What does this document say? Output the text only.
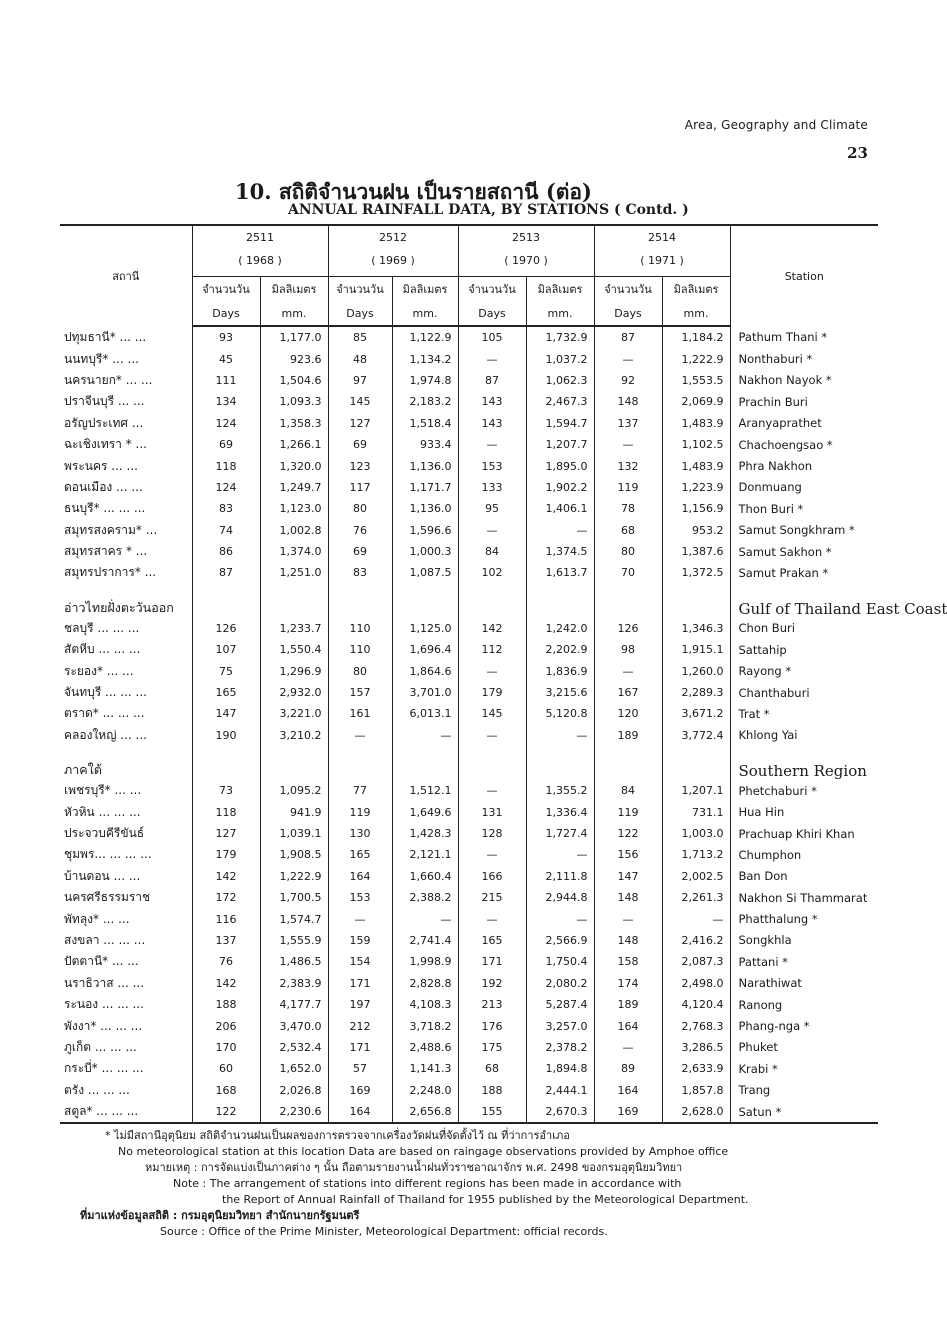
Area, Geography and Climate
23
10. สถิติจำนวนฝน เป็นรายสถานี (ต่อ)
ANNUAL RAINFALL DATA, BY STATIONS ( Contd. )
สถานี	2511		2512		2513		2514		Station
	( 1968 )		( 1969 )		( 1970 )		( 1971 )		
	จำนวนวัน	มิลลิเมตร	จำนวนวัน	มิลลิเมตร	จำนวนวัน	มิลลิเมตร	จำนวนวัน	มิลลิเมตร	
	Days	mm.	Days	mm.	Days	mm.	Days	mm.	
ปทุมธานี* ... ...	93	1,177.0	85	1,122.9	105	1,732.9	87	1,184.2	Pathum Thani *
นนทบุรี* ... ...	45	923.6	48	1,134.2	—	1,037.2	—	1,222.9	Nonthaburi *
นครนายก* ... ...	111	1,504.6	97	1,974.8	87	1,062.3	92	1,553.5	Nakhon Nayok *
ปราจีนบุรี ... ...	134	1,093.3	145	2,183.2	143	2,467.3	148	2,069.9	Prachin Buri
อรัญประเทศ ...	124	1,358.3	127	1,518.4	143	1,594.7	137	1,483.9	Aranyaprathet
ฉะเชิงเทรา * ...	69	1,266.1	69	933.4	—	1,207.7	—	1,102.5	Chachoengsao *
พระนคร ... ...	118	1,320.0	123	1,136.0	153	1,895.0	132	1,483.9	Phra Nakhon
ดอนเมือง ... ...	124	1,249.7	117	1,171.7	133	1,902.2	119	1,223.9	Donmuang
ธนบุรี* ... ... ...	83	1,123.0	80	1,136.0	95	1,406.1	78	1,156.9	Thon Buri *
สมุทรสงคราม* ...	74	1,002.8	76	1,596.6	—	—	68	953.2	Samut Songkhram *
สมุทรสาคร * ...	86	1,374.0	69	1,000.3	84	1,374.5	80	1,387.6	Samut Sakhon *
สมุทรปราการ* ...	87	1,251.0	83	1,087.5	102	1,613.7	70	1,372.5	Samut Prakan *
อ่าวไทยฝั่งตะวันออก									Gulf of Thailand East Coast
ชลบุรี ... ... ...	126	1,233.7	110	1,125.0	142	1,242.0	126	1,346.3	Chon Buri
สัตหีบ ... ... ...	107	1,550.4	110	1,696.4	112	2,202.9	98	1,915.1	Sattahip
ระยอง* ... ...	75	1,296.9	80	1,864.6	—	1,836.9	—	1,260.0	Rayong *
จันทบุรี ... ... ...	165	2,932.0	157	3,701.0	179	3,215.6	167	2,289.3	Chanthaburi
ตราด* ... ... ...	147	3,221.0	161	6,013.1	145	5,120.8	120	3,671.2	Trat *
คลองใหญ่ ... ...	190	3,210.2	—	—	—	—	189	3,772.4	Khlong Yai
ภาคใต้									Southern Region
เพชรบุรี* ... ...	73	1,095.2	77	1,512.1	—	1,355.2	84	1,207.1	Phetchaburi *
หัวหิน ... ... ...	118	941.9	119	1,649.6	131	1,336.4	119	731.1	Hua Hin
ประจวบคีรีขันธ์	127	1,039.1	130	1,428.3	128	1,727.4	122	1,003.0	Prachuap Khiri Khan
ชุมพร... ... ... ...	179	1,908.5	165	2,121.1	—	—	156	1,713.2	Chumphon
บ้านดอน ... ...	142	1,222.9	164	1,660.4	166	2,111.8	147	2,002.5	Ban Don
นครศรีธรรมราช	172	1,700.5	153	2,388.2	215	2,944.8	148	2,261.3	Nakhon Si Thammarat
พัทลุง* ... ...	116	1,574.7	—	—	—	—	—	—	Phatthalung *
สงขลา ... ... ...	137	1,555.9	159	2,741.4	165	2,566.9	148	2,416.2	Songkhla
ปัตตานี* ... ...	76	1,486.5	154	1,998.9	171	1,750.4	158	2,087.3	Pattani *
นราธิวาส ... ...	142	2,383.9	171	2,828.8	192	2,080.2	174	2,498.0	Narathiwat
ระนอง ... ... ...	188	4,177.7	197	4,108.3	213	5,287.4	189	4,120.4	Ranong
พังงา* ... ... ...	206	3,470.0	212	3,718.2	176	3,257.0	164	2,768.3	Phang-nga *
ภูเก็ต ... ... ...	170	2,532.4	171	2,488.6	175	2,378.2	—	3,286.5	Phuket
กระบี่* ... ... ...	60	1,652.0	57	1,141.3	68	1,894.8	89	2,633.9	Krabi *
ตรัง ... ... ...	168	2,026.8	169	2,248.0	188	2,444.1	164	1,857.8	Trang
สตูล* ... ... ...	122	2,230.6	164	2,656.8	155	2,670.3	169	2,628.0	Satun *
* ไม่มีสถานีอุตุนิยม สถิติจำนวนฝนเป็นผลของการตรวจจากเครื่องวัดฝนที่จัดตั้งไว้ ณ ที่ว่าการอำเภอ
No meteorological station at this location Data are based on raingage observations provided by Amphoe office
หมายเหตุ : การจัดแบ่งเป็นภาคต่าง ๆ นั้น ถือตามรายงานน้ำฝนทั่วราชอาณาจักร พ.ศ. 2498 ของกรมอุตุนิยมวิทยา
Note : The arrangement of stations into different regions has been made in accordance with
the Report of Annual Rainfall of Thailand for 1955 published by the Meteorological Department.
ที่มาแห่งข้อมูลสถิติ : กรมอุตุนิยมวิทยา สำนักนายกรัฐมนตรี
Source : Office of the Prime Minister, Meteorological Department: official records.
